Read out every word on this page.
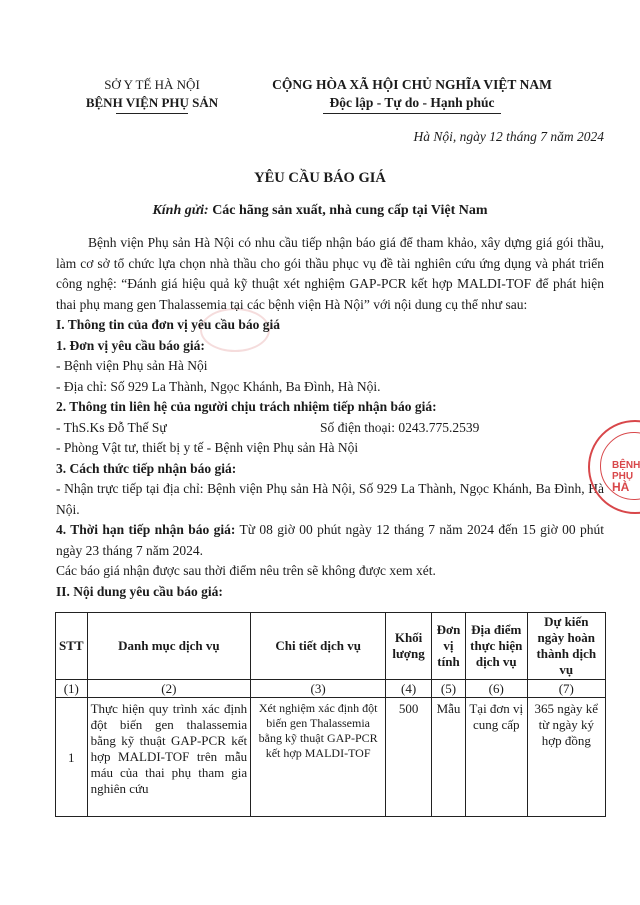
SỞ Y TẾ HÀ NỘI
BỆNH VIỆN PHỤ SẢN
CỘNG HÒA XÃ HỘI CHỦ NGHĨA VIỆT NAM
Độc lập - Tự do - Hạnh phúc
Hà Nội, ngày 12 tháng 7 năm 2024
YÊU CẦU BÁO GIÁ
Kính gửi: Các hãng sản xuất, nhà cung cấp tại Việt Nam

Bệnh viện Phụ sản Hà Nội có nhu cầu tiếp nhận báo giá để tham khảo, xây dựng giá gói thầu, làm cơ sở tổ chức lựa chọn nhà thầu cho gói thầu phục vụ đề tài nghiên cứu ứng dụng và phát triển công nghệ: “Đánh giá hiệu quả kỹ thuật xét nghiệm GAP-PCR kết hợp MALDI-TOF để phát hiện thai phụ mang gen Thalassemia tại các bệnh viện Hà Nội” với nội dung cụ thể như sau:

I. Thông tin của đơn vị yêu cầu báo giá

1. Đơn vị yêu cầu báo giá:

- Bệnh viện Phụ sản Hà Nội

- Địa chỉ: Số 929 La Thành, Ngọc Khánh, Ba Đình, Hà Nội.

2. Thông tin liên hệ của người chịu trách nhiệm tiếp nhận báo giá:

- ThS.Ks Đỗ Thế Sự	Số điện thoại: 0243.775.2539

- Phòng Vật tư, thiết bị y tế - Bệnh viện Phụ sản Hà Nội

3. Cách thức tiếp nhận báo giá:

- Nhận trực tiếp tại địa chỉ: Bệnh viện Phụ sản Hà Nội, Số 929 La Thành, Ngọc Khánh, Ba Đình, Hà Nội.

4. Thời hạn tiếp nhận báo giá: Từ 08 giờ 00 phút ngày 12 tháng 7 năm 2024 đến 15 giờ 00 phút ngày 23 tháng 7 năm 2024.

Các báo giá nhận được sau thời điểm nêu trên sẽ không được xem xét.

II. Nội dung yêu cầu báo giá:

STT	Danh mục dịch vụ	Chi tiết dịch vụ	Khối lượng	Đơn vị tính	Địa điểm thực hiện dịch vụ	Dự kiến ngày hoàn thành dịch vụ
(1)	(2)	(3)	(4)	(5)	(6)	(7)
1	Thực hiện quy trình xác định đột biến gen thalassemia bằng kỹ thuật GAP-PCR kết hợp MALDI-TOF trên mẫu máu của thai phụ tham gia nghiên cứu	Xét nghiệm xác định đột biến gen Thalassemia bằng kỹ thuật GAP-PCR kết hợp MALDI-TOF	500	Mẫu	Tại đơn vị cung cấp	365 ngày kể từ ngày ký hợp đồng
BỆNH
PHỤ
HÀ
